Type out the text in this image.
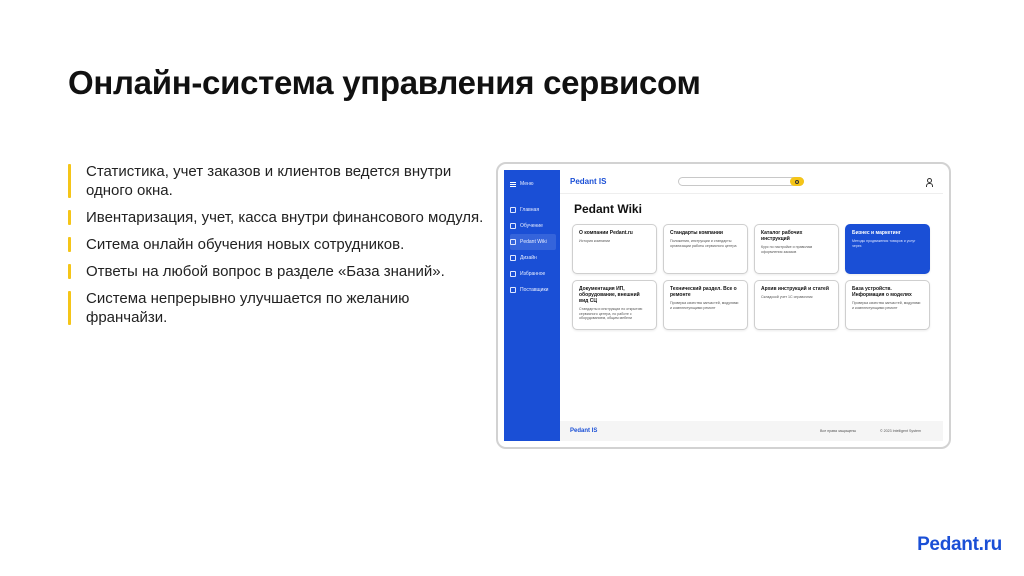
Онлайн-система управления сервисом
Статистика, учет заказов и клиентов ведется внутри одного окна.
Ивентаризация, учет, касса внутри финансового модуля.
Ситема онлайн обучения новых сотрудников.
Ответы на любой вопрос в разделе «База знаний».
Система непрерывно улучшается по желанию франчайзи.
Меню
Главная
Обучение
Pedant Wiki
Дизайн
Избранное
Поставщики
Pedant IS
Pedant Wiki
О компании Pedant.ru
История компании
Стандарты компании
Положения, инструкции и стандарты организации работы сервисного центра
Каталог рабочих инструкций
Курс по настройке и правилам оформления заказов
Бизнес и маркетинг
Методы продвижения товаров и услуг через
Документация ИП, оборудование, внешний вид СЦ
Стандарты и инструкции по открытию сервисного центра, по работе с оборудованием, общим мебели
Технический раздел. Все о ремонте
Проверка качества запчастей, модулями и комплектующими ремонт
Архив инструкций и статей
Складской учет 1С справочник
База устройств. Информация о моделях
Проверка качества запчастей, модулями и комплектующими ремонт
Pedant IS	Все права защищены	© 2023 Intelligent System
Pedant.ru
